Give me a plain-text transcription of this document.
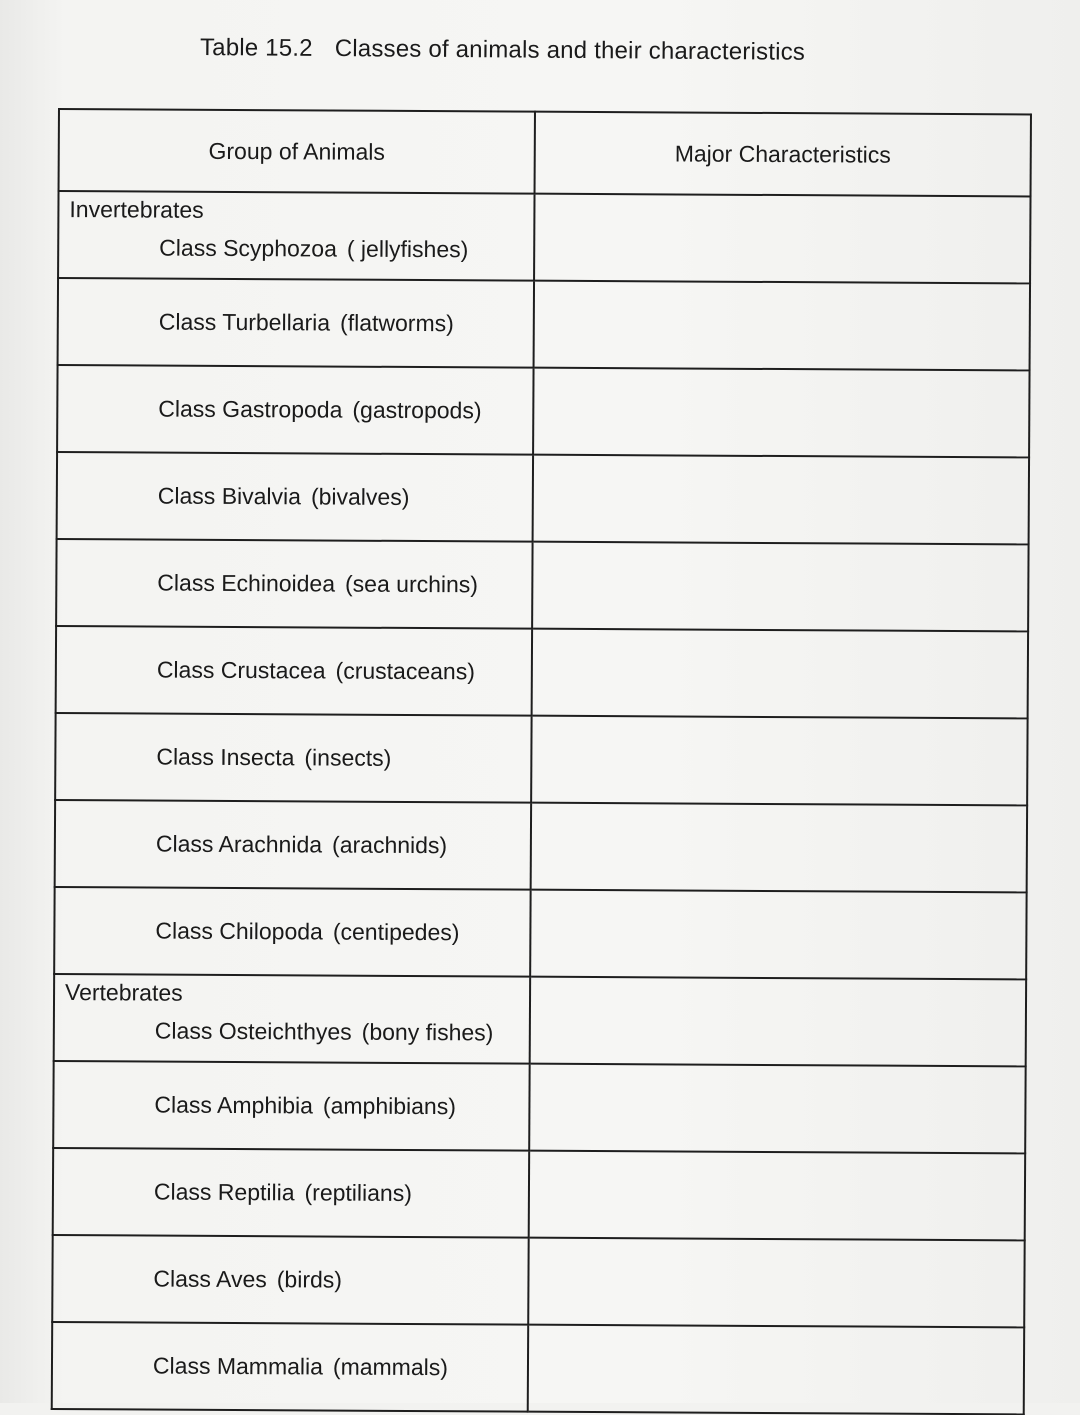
Table 15.2 Classes of animals and their characteristics
Group of Animals	Major Characteristics

Invertebrates
Class Scyphozoa ( jellyfishes)	

Class Turbellaria (flatworms)	

Class Gastropoda (gastropods)	

Class Bivalvia (bivalves)	

Class Echinoidea (sea urchins)	

Class Crustacea (crustaceans)	

Class Insecta (insects)	

Class Arachnida (arachnids)	

Class Chilopoda (centipedes)	

Vertebrates
Class Osteichthyes (bony fishes)	

Class Amphibia (amphibians)	

Class Reptilia (reptilians)	

Class Aves (birds)	

Class Mammalia (mammals)	
